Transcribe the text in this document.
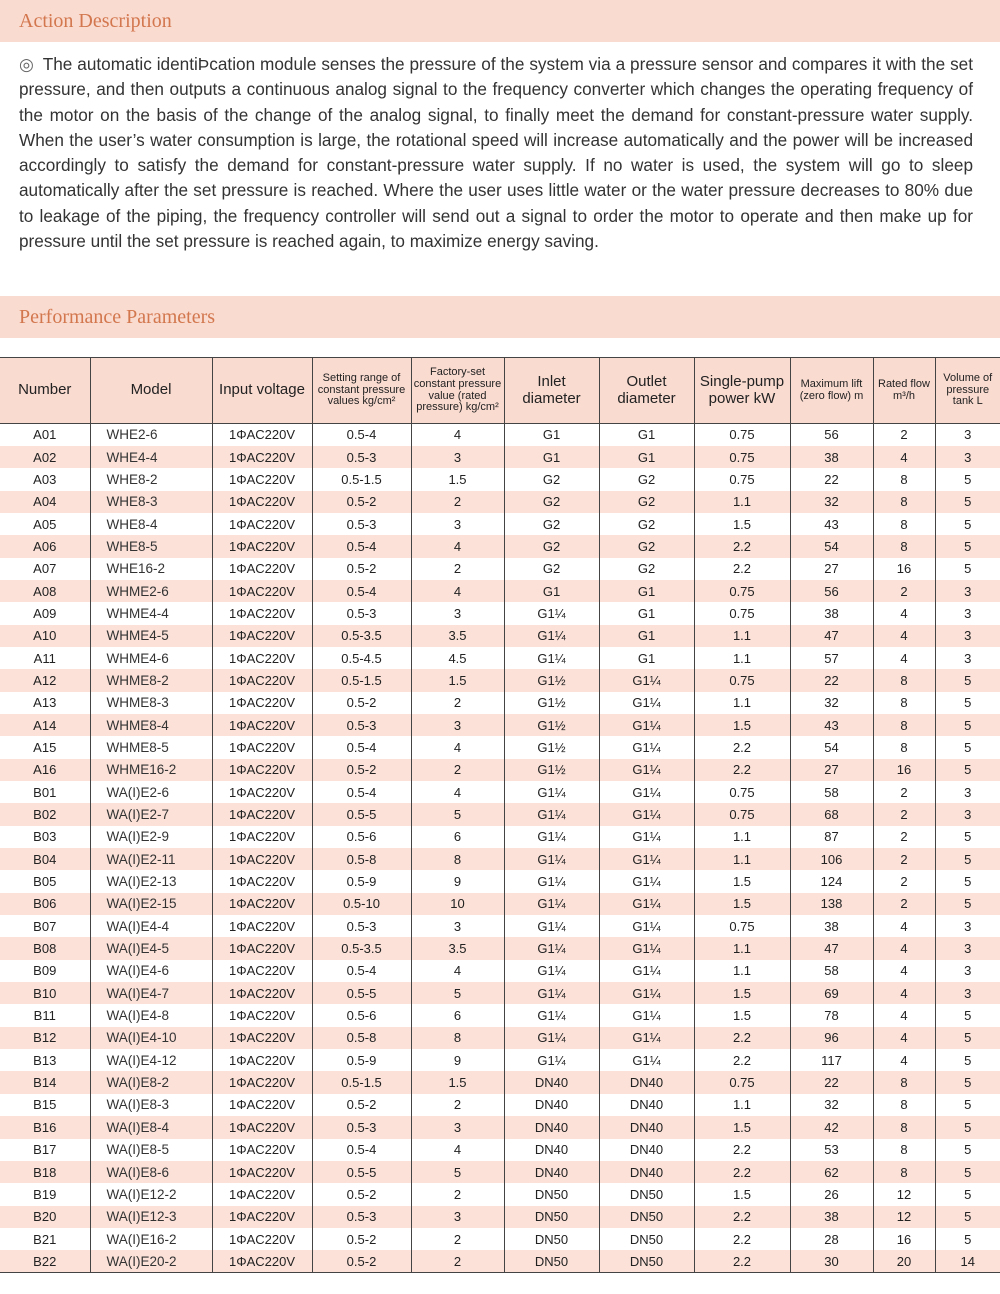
Action Description
◎ The automatic identiÞcation module senses the pressure of the system via a pressure sensor and compares it with the set pressure, and then outputs a continuous analog signal to the frequency converter which changes the operating frequency of the motor on the basis of the change of the analog signal, to finally meet the demand for constant-pressure water supply. When the user’s water consumption is large, the rotational speed will increase automatically and the power will be increased accordingly to satisfy the demand for constant-pressure water supply. If no water is used, the system will go to sleep automatically after the set pressure is reached. Where the user uses little water or the water pressure decreases to 80% due to leakage of the piping, the frequency controller will send out a signal to order the motor to operate and then make up for pressure until the set pressure is reached again, to maximize energy saving.
Performance Parameters
Number	Model	Input voltage	Setting range of constant pressure values kg/cm²	Factory-set constant pressure value (rated pressure) kg/cm²	Inlet diameter	Outlet diameter	Single-pump power kW	Maximum lift (zero flow) m	Rated flow m³/h	Volume of pressure tank L
A01	WHE2-6	1ΦAC220V	0.5-4	4	G1	G1	0.75	56	2	3
A02	WHE4-4	1ΦAC220V	0.5-3	3	G1	G1	0.75	38	4	3
A03	WHE8-2	1ΦAC220V	0.5-1.5	1.5	G2	G2	0.75	22	8	5
A04	WHE8-3	1ΦAC220V	0.5-2	2	G2	G2	1.1	32	8	5
A05	WHE8-4	1ΦAC220V	0.5-3	3	G2	G2	1.5	43	8	5
A06	WHE8-5	1ΦAC220V	0.5-4	4	G2	G2	2.2	54	8	5
A07	WHE16-2	1ΦAC220V	0.5-2	2	G2	G2	2.2	27	16	5
A08	WHME2-6	1ΦAC220V	0.5-4	4	G1	G1	0.75	56	2	3
A09	WHME4-4	1ΦAC220V	0.5-3	3	G1¼	G1	0.75	38	4	3
A10	WHME4-5	1ΦAC220V	0.5-3.5	3.5	G1¼	G1	1.1	47	4	3
A11	WHME4-6	1ΦAC220V	0.5-4.5	4.5	G1¼	G1	1.1	57	4	3
A12	WHME8-2	1ΦAC220V	0.5-1.5	1.5	G1½	G1¼	0.75	22	8	5
A13	WHME8-3	1ΦAC220V	0.5-2	2	G1½	G1¼	1.1	32	8	5
A14	WHME8-4	1ΦAC220V	0.5-3	3	G1½	G1¼	1.5	43	8	5
A15	WHME8-5	1ΦAC220V	0.5-4	4	G1½	G1¼	2.2	54	8	5
A16	WHME16-2	1ΦAC220V	0.5-2	2	G1½	G1¼	2.2	27	16	5
B01	WA(I)E2-6	1ΦAC220V	0.5-4	4	G1¼	G1¼	0.75	58	2	3
B02	WA(I)E2-7	1ΦAC220V	0.5-5	5	G1¼	G1¼	0.75	68	2	3
B03	WA(I)E2-9	1ΦAC220V	0.5-6	6	G1¼	G1¼	1.1	87	2	5
B04	WA(I)E2-11	1ΦAC220V	0.5-8	8	G1¼	G1¼	1.1	106	2	5
B05	WA(I)E2-13	1ΦAC220V	0.5-9	9	G1¼	G1¼	1.5	124	2	5
B06	WA(I)E2-15	1ΦAC220V	0.5-10	10	G1¼	G1¼	1.5	138	2	5
B07	WA(I)E4-4	1ΦAC220V	0.5-3	3	G1¼	G1¼	0.75	38	4	3
B08	WA(I)E4-5	1ΦAC220V	0.5-3.5	3.5	G1¼	G1¼	1.1	47	4	3
B09	WA(I)E4-6	1ΦAC220V	0.5-4	4	G1¼	G1¼	1.1	58	4	3
B10	WA(I)E4-7	1ΦAC220V	0.5-5	5	G1¼	G1¼	1.5	69	4	3
B11	WA(I)E4-8	1ΦAC220V	0.5-6	6	G1¼	G1¼	1.5	78	4	5
B12	WA(I)E4-10	1ΦAC220V	0.5-8	8	G1¼	G1¼	2.2	96	4	5
B13	WA(I)E4-12	1ΦAC220V	0.5-9	9	G1¼	G1¼	2.2	117	4	5
B14	WA(I)E8-2	1ΦAC220V	0.5-1.5	1.5	DN40	DN40	0.75	22	8	5
B15	WA(I)E8-3	1ΦAC220V	0.5-2	2	DN40	DN40	1.1	32	8	5
B16	WA(I)E8-4	1ΦAC220V	0.5-3	3	DN40	DN40	1.5	42	8	5
B17	WA(I)E8-5	1ΦAC220V	0.5-4	4	DN40	DN40	2.2	53	8	5
B18	WA(I)E8-6	1ΦAC220V	0.5-5	5	DN40	DN40	2.2	62	8	5
B19	WA(I)E12-2	1ΦAC220V	0.5-2	2	DN50	DN50	1.5	26	12	5
B20	WA(I)E12-3	1ΦAC220V	0.5-3	3	DN50	DN50	2.2	38	12	5
B21	WA(I)E16-2	1ΦAC220V	0.5-2	2	DN50	DN50	2.2	28	16	5
B22	WA(I)E20-2	1ΦAC220V	0.5-2	2	DN50	DN50	2.2	30	20	14
